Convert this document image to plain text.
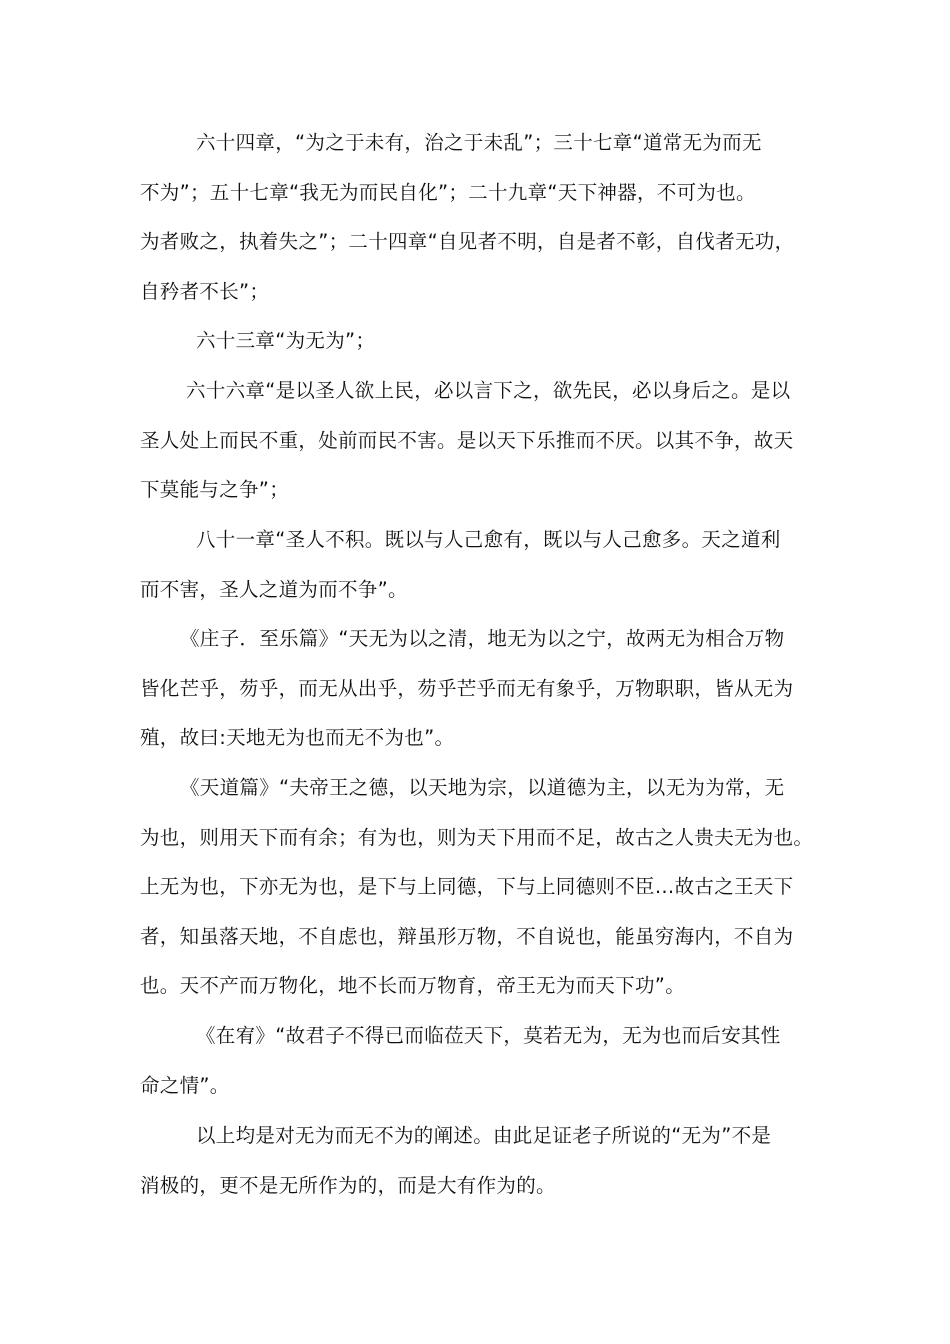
六十四章，“为之于未有，治之于未乱”；三十七章“道常无为而无
不为”；五十七章“我无为而民自化”；二十九章“天下神器，不可为也。
为者败之，执着失之”；二十四章“自见者不明，自是者不彰，自伐者无功，
自矜者不长”；
六十三章“为无为”；
六十六章“是以圣人欲上民，必以言下之，欲先民，必以身后之。是以
圣人处上而民不重，处前而民不害。是以天下乐推而不厌。以其不争，故天
下莫能与之争”；
八十一章“圣人不积。既以与人己愈有，既以与人己愈多。天之道利
而不害，圣人之道为而不争”。
《庄子．至乐篇》“天无为以之清，地无为以之宁，故两无为相合万物
皆化芒乎，芴乎，而无从出乎，芴乎芒乎而无有象乎，万物职职，皆从无为
殖，故曰:天地无为也而无不为也”。
《天道篇》“夫帝王之德，以天地为宗，以道德为主，以无为为常，无
为也，则用天下而有余；有为也，则为天下用而不足，故古之人贵夫无为也。
上无为也，下亦无为也，是下与上同德，下与上同德则不臣…故古之王天下
者，知虽落天地，不自虑也，辩虽形万物，不自说也，能虽穷海内，不自为
也。天不产而万物化，地不长而万物育，帝王无为而天下功”。
《在宥》“故君子不得已而临莅天下，莫若无为，无为也而后安其性
命之情”。
以上均是对无为而无不为的阐述。由此足证老子所说的“无为”不是
消极的，更不是无所作为的，而是大有作为的。
